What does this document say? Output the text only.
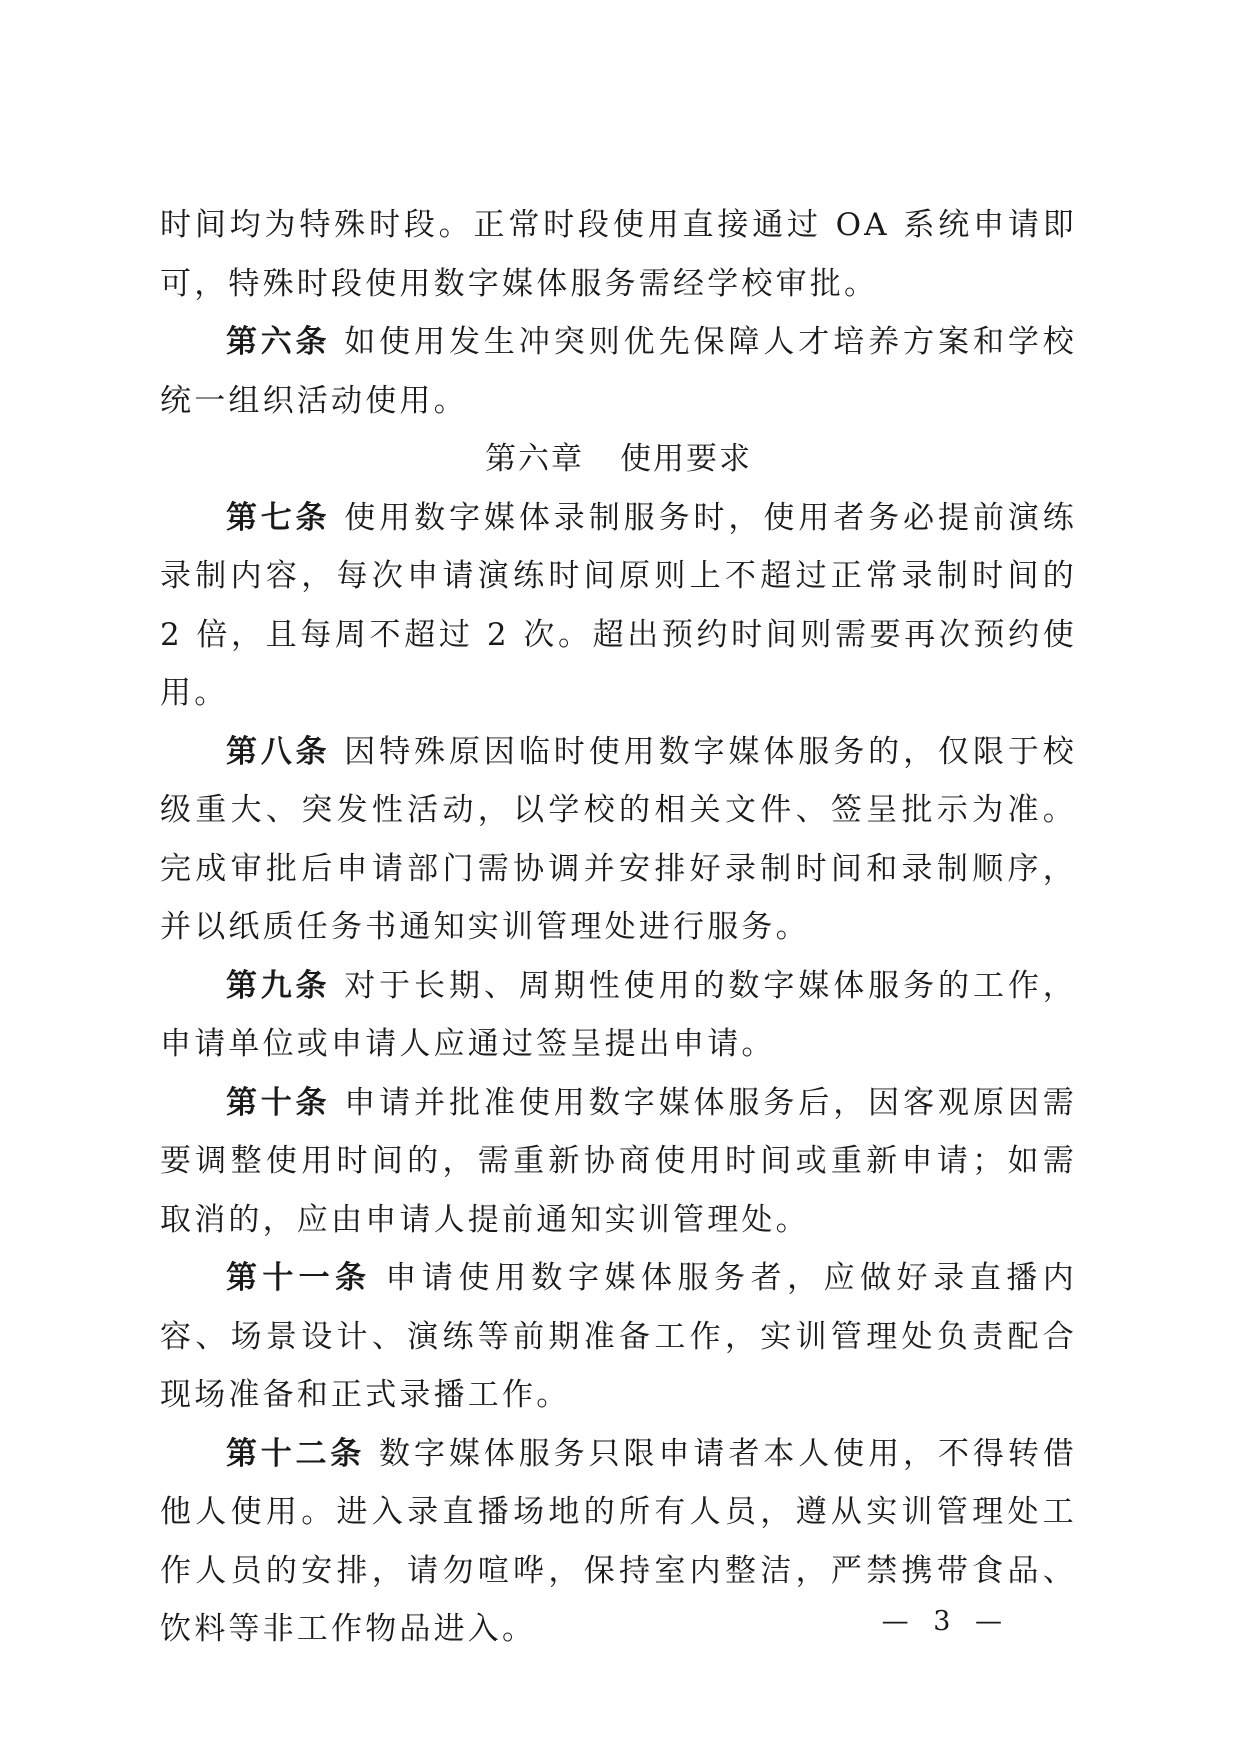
时间均为特殊时段。正常时段使用直接通过 OA 系统申请即可，特殊时段使用数字媒体服务需经学校审批。

第六条 如使用发生冲突则优先保障人才培养方案和学校统一组织活动使用。

第六章 使用要求

第七条 使用数字媒体录制服务时，使用者务必提前演练录制内容，每次申请演练时间原则上不超过正常录制时间的 2 倍，且每周不超过 2 次。超出预约时间则需要再次预约使用。

第八条 因特殊原因临时使用数字媒体服务的，仅限于校级重大、突发性活动，以学校的相关文件、签呈批示为准。完成审批后申请部门需协调并安排好录制时间和录制顺序，并以纸质任务书通知实训管理处进行服务。

第九条 对于长期、周期性使用的数字媒体服务的工作，申请单位或申请人应通过签呈提出申请。

第十条 申请并批准使用数字媒体服务后，因客观原因需要调整使用时间的，需重新协商使用时间或重新申请；如需取消的，应由申请人提前通知实训管理处。

第十一条 申请使用数字媒体服务者，应做好录直播内容、场景设计、演练等前期准备工作，实训管理处负责配合现场准备和正式录播工作。

第十二条 数字媒体服务只限申请者本人使用，不得转借他人使用。进入录直播场地的所有人员，遵从实训管理处工作人员的安排，请勿喧哗，保持室内整洁，严禁携带食品、饮料等非工作物品进入。	— 3 —
